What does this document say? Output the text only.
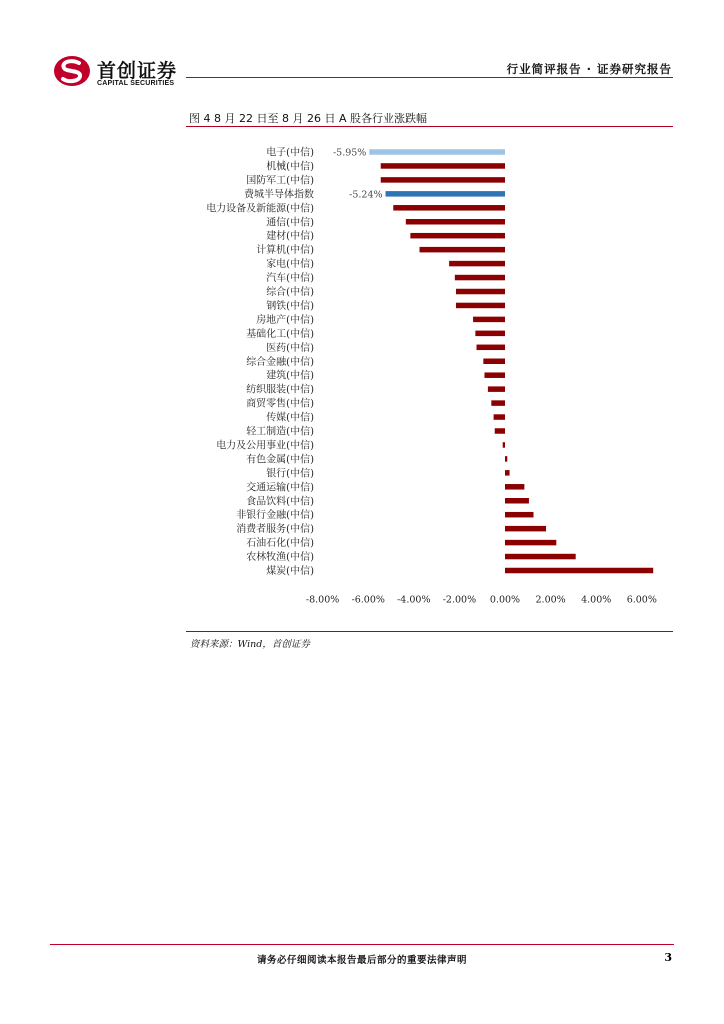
首创证券
CAPITAL SECURITIES
行业简评报告 · 证券研究报告
图 4 8 月 22 日至 8 月 26 日 A 股各行业涨跌幅
电子(中信)
机械(中信)
国防军工(中信)
费城半导体指数
电力设备及新能源(中信)
通信(中信)
建材(中信)
计算机(中信)
家电(中信)
汽车(中信)
综合(中信)
钢铁(中信)
房地产(中信)
基础化工(中信)
医药(中信)
综合金融(中信)
建筑(中信)
纺织服装(中信)
商贸零售(中信)
传媒(中信)
轻工制造(中信)
电力及公用事业(中信)
有色金属(中信)
银行(中信)
交通运输(中信)
食品饮料(中信)
非银行金融(中信)
消费者服务(中信)
石油石化(中信)
农林牧渔(中信)
煤炭(中信)
-5.95%
-5.24%
-8.00% -6.00% -4.00% -2.00% 0.00% 2.00% 4.00% 6.00%
资料来源：Wind，首创证券
请务必仔细阅读本报告最后部分的重要法律声明	3
